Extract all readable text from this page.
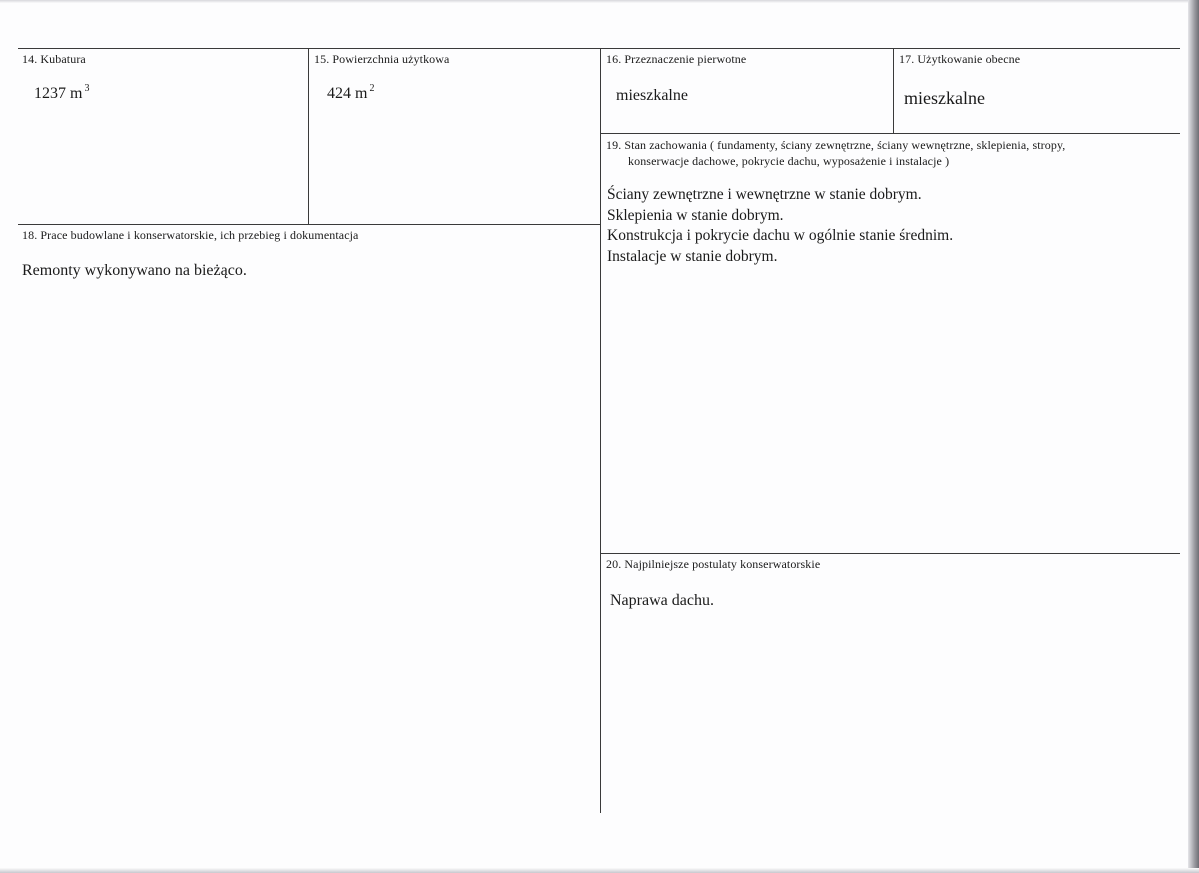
14. Kubatura
1237 m $^3$
15. Powierzchnia użytkowa
424 m $^2$
16. Przeznaczenie pierwotne
mieszkalne
17. Użytkowanie obecne
mieszkalne
19. Stan zachowania ( fundamenty, ściany zewnętrzne, ściany wewnętrzne, sklepienia, stropy,
konserwacje dachowe, pokrycie dachu, wyposażenie i instalacje )
Ściany zewnętrzne i wewnętrzne w stanie dobrym.
Sklepienia w stanie dobrym.
Konstrukcja i pokrycie dachu w ogólnie stanie średnim.
Instalacje w stanie dobrym.
18. Prace budowlane i konserwatorskie, ich przebieg i dokumentacja
Remonty wykonywano na bieżąco.
20. Najpilniejsze postulaty konserwatorskie
Naprawa dachu.
